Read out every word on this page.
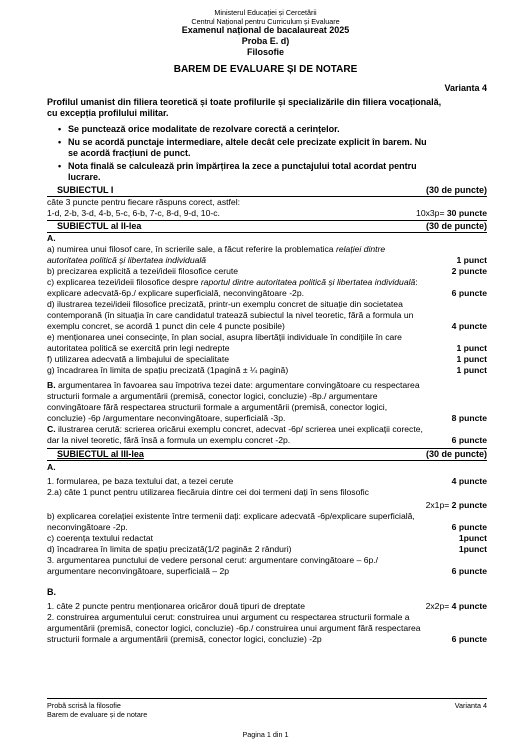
Ministerul Educației și Cercetării
Centrul Național pentru Curriculum și Evaluare
Examenul național de bacalaureat 2025
Proba E. d)
Filosofie
BAREM DE EVALUARE ȘI DE NOTARE
Varianta 4
Profilul umanist din filiera teoretică și toate profilurile și specializările din filiera vocațională,
cu excepția profilului militar.
• Se punctează orice modalitate de rezolvare corectă a cerințelor.
• Nu se acordă punctaje intermediare, altele decât cele precizate explicit în barem. Nu
se acordă fracțiuni de punct.
• Nota finală se calculează prin împărțirea la zece a punctajului total acordat pentru
lucrare.
SUBIECTUL I	(30 de puncte)
câte 3 puncte pentru fiecare răspuns corect, astfel:
1-d, 2-b, 3-d, 4-b, 5-c, 6-b, 7-c, 8-d, 9-d, 10-c.	10x3p= 30 puncte
SUBIECTUL al II-lea	(30 de puncte)
A.
a) numirea unui filosof care, în scrierile sale, a făcut referire la problematica relației dintre
autoritatea politică și libertatea individuală	1 punct
b) precizarea explicită a tezei/ideii filosofice cerute	2 puncte
c) explicarea tezei/ideii filosofice despre raportul dintre autoritatea politică și libertatea individuală:
explicare adecvată-6p./ explicare superficială, neconvingătoare -2p.	6 puncte
d) ilustrarea tezei/ideii filosofice precizată, printr-un exemplu concret de situație din societatea
contemporană (în situația în care candidatul tratează subiectul la nivel teoretic, fără a formula un
exemplu concret, se acordă 1 punct din cele 4 puncte posibile)	4 puncte
e) menționarea unei consecințe, în plan social, asupra libertății individuale în condițiile în care
autoritatea politică se exercită prin legi nedrepte	1 punct
f) utilizarea adecvată a limbajului de specialitate	1 punct
g) încadrarea în limita de spațiu precizată (1pagină ± ¼ pagină)	1 punct
B. argumentarea în favoarea sau împotriva tezei date: argumentare convingătoare cu respectarea
structurii formale a argumentării (premisă, conector logici, concluzie) -8p./ argumentare
convingătoare fără respectarea structurii formale a argumentării (premisă, conector logici,
concluzie) -6p /argumentare neconvingătoare, superficială -3p.	8 puncte
C. ilustrarea cerută: scrierea oricărui exemplu concret, adecvat -6p/ scrierea unei explicații corecte,
dar la nivel teoretic, fără însă a formula un exemplu concret -2p.	6 puncte
SUBIECTUL al III-lea	(30 de puncte)
A.
1. formularea, pe baza textului dat, a tezei cerute	4 puncte
2.a) câte 1 punct pentru utilizarea fiecăruia dintre cei doi termeni dați în sens filosofic
2x1p= 2 puncte
b) explicarea corelației existente între termenii dați: explicare adecvată -6p/explicare superficială,
neconvingătoare -2p.	6 puncte
c) coerența textului redactat	1punct
d) încadrarea în limita de spațiu precizată(1/2 pagină± 2 rânduri)	1punct
3. argumentarea punctului de vedere personal cerut: argumentare convingătoare – 6p./
argumentare neconvingătoare, superficială – 2p	6 puncte
B.
1. câte 2 puncte pentru menționarea oricăror două tipuri de dreptate	2x2p= 4 puncte
2. construirea argumentului cerut: construirea unui argument cu respectarea structurii formale a
argumentării (premisă, conector logici, concluzie) -6p./ construirea unui argument fără respectarea
structurii formale a argumentării (premisă, conector logici, concluzie) -2p	6 puncte
Probă scrisă la filosofie
Barem de evaluare și de notare
Varianta 4
Pagina 1 din 1
